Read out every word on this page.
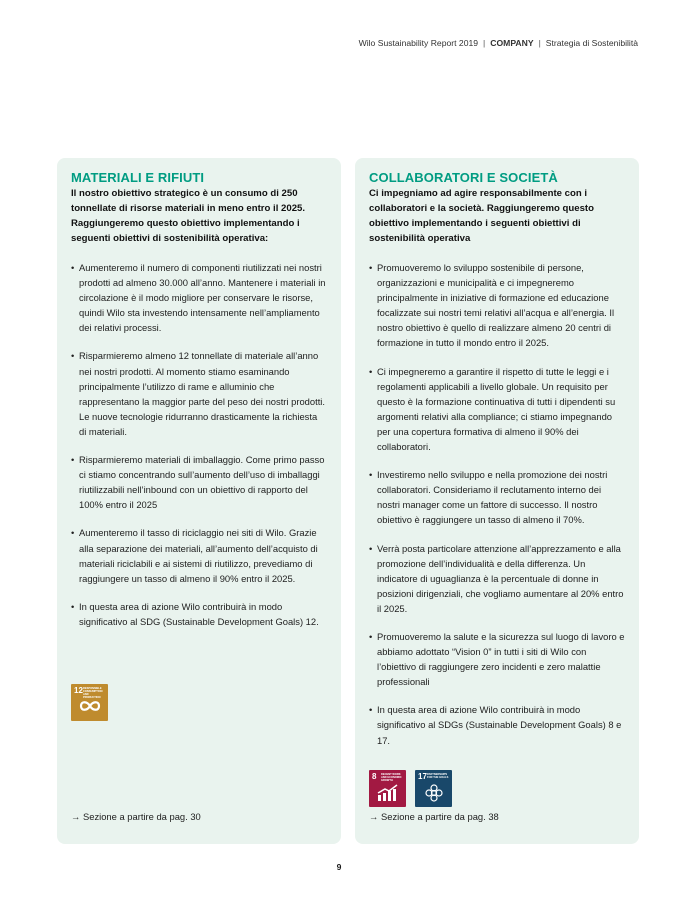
Wilo Sustainability Report 2019 | COMPANY | Strategia di Sostenibilità
MATERIALI E RIFIUTI
Il nostro obiettivo strategico è un consumo di 250 tonnellate di risorse materiali in meno entro il 2025. Raggiungeremo questo obiettivo implementando i seguenti obiettivi di sostenibilità operativa:
• Aumenteremo il numero di componenti riutilizzati nei nostri prodotti ad almeno 30.000 all’anno. Mantenere i materiali in circolazione è il modo migliore per conservare le risorse, quindi Wilo sta investendo intensamente nell’ampliamento dei relativi processi.
• Risparmieremo almeno 12 tonnellate di materiale all’anno nei nostri prodotti. Al momento stiamo esaminando principalmente l’utilizzo di rame e alluminio che rappresentano la maggior parte del peso dei nostri prodotti. Le nuove tecnologie ridurranno drasticamente la richiesta di materiali.
• Risparmieremo materiali di imballaggio. Come primo passo ci stiamo concentrando sull’aumento dell’uso di imballaggi riutilizzabili nell’inbound con un obiettivo di rapporto del 100% entro il 2025
• Aumenteremo il tasso di riciclaggio nei siti di Wilo. Grazie alla separazione dei materiali, all’aumento dell’acquisto di materiali riciclabili e ai sistemi di riutilizzo, prevediamo di raggiungere un tasso di almeno il 90% entro il 2025.
• In questa area di azione Wilo contribuirà in modo significativo al SDG (Sustainable Development Goals) 12.
12 RESPONSIBLE CONSUMPTION AND PRODUCTION
→ Sezione a partire da pag. 30
COLLABORATORI E SOCIETÀ
Ci impegniamo ad agire responsabilmente con i collaboratori e la società. Raggiungeremo questo obiettivo implementando i seguenti obiettivi di sostenibilità operativa
• Promuoveremo lo sviluppo sostenibile di persone, organizzazioni e municipalità e ci impegneremo principalmente in iniziative di formazione ed educazione focalizzate sui nostri temi relativi all’acqua e all’energia. Il nostro obiettivo è quello di realizzare almeno 20 centri di formazione in tutto il mondo entro il 2025.
• Ci impegneremo a garantire il rispetto di tutte le leggi e i regolamenti applicabili a livello globale. Un requisito per questo è la formazione continuativa di tutti i dipendenti su argomenti relativi alla compliance; ci stiamo impegnando per una copertura formativa di almeno il 90% dei collaboratori.
• Investiremo nello sviluppo e nella promozione dei nostri collaboratori. Consideriamo il reclutamento interno dei nostri manager come un fattore di successo. Il nostro obiettivo è raggiungere un tasso di almeno il 70%.
• Verrà posta particolare attenzione all’apprezzamento e alla promozione dell’individualità e della differenza. Un indicatore di uguaglianza è la percentuale di donne in posizioni dirigenziali, che vogliamo aumentare al 20% entro il 2025.
• Promuoveremo la salute e la sicurezza sul luogo di lavoro e abbiamo adottato “Vision 0” in tutti i siti di Wilo con l’obiettivo di raggiungere zero incidenti e zero malattie professionali
• In questa area di azione Wilo contribuirà in modo significativo al SDGs (Sustainable Development Goals) 8 e 17.
8 DECENT WORK AND ECONOMIC GROWTH	17 PARTNERSHIPS FOR THE GOALS
→ Sezione a partire da pag. 38
9
